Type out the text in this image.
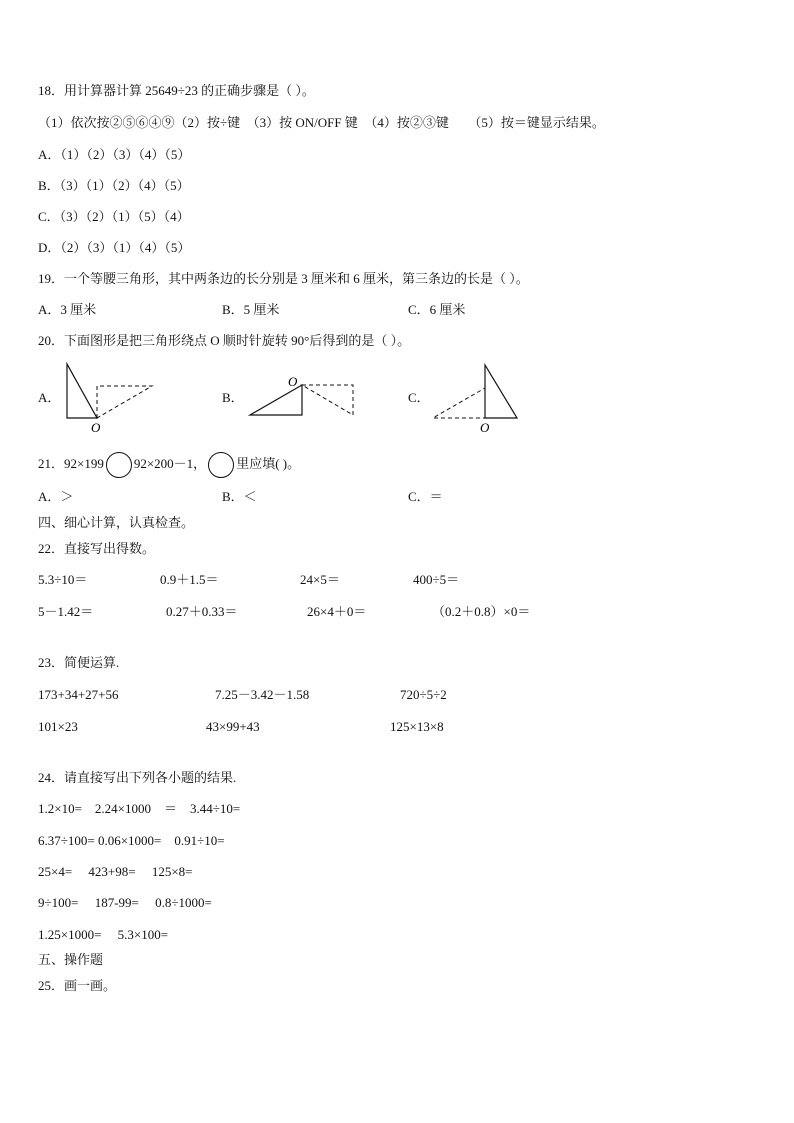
18．用计算器计算 25649÷23 的正确步骤是（ ）。
（1）依次按②⑤⑥④⑨（2）按÷键　（3）按 ON/OFF 键　（4）按②③键　　（5）按＝键显示结果。
A．（1）（2）（3）（4）（5）
B．（3）（1）（2）（4）（5）
C．（3）（2）（1）（5）（4）
D．（2）（3）（1）（4）（5）
19．一个等腰三角形，其中两条边的长分别是 3 厘米和 6 厘米，第三条边的长是（ ）。
A．3 厘米	B．5 厘米	C．6 厘米
20．下面图形是把三角形绕点 O 顺时针旋转 90°后得到的是（ ）。
A．	B．	C．
O
O
O
21．92×199 92×200－1， 里应填( )。
A．＞	B．＜	C．＝
四、细心计算，认真检查。
22．直接写出得数。
5.3÷10＝	0.9＋1.5＝	24×5＝	400÷5＝
5－1.42＝	0.27＋0.33＝	26×4＋0＝	（0.2＋0.8）×0＝
23．简便运算.
173+34+27+56	7.25－3.42－1.58	720÷5÷2
101×23	43×99+43	125×13×8
24．请直接写出下列各小题的结果.
1.2×10=　2.24×1000　＝　3.44÷10=
6.37÷100= 0.06×1000=　0.91÷10=
25×4=　 423+98=　 125×8=
9÷100=　 187-99=　 0.8÷1000=
1.25×1000=　 5.3×100=
五、操作题
25．画一画。
